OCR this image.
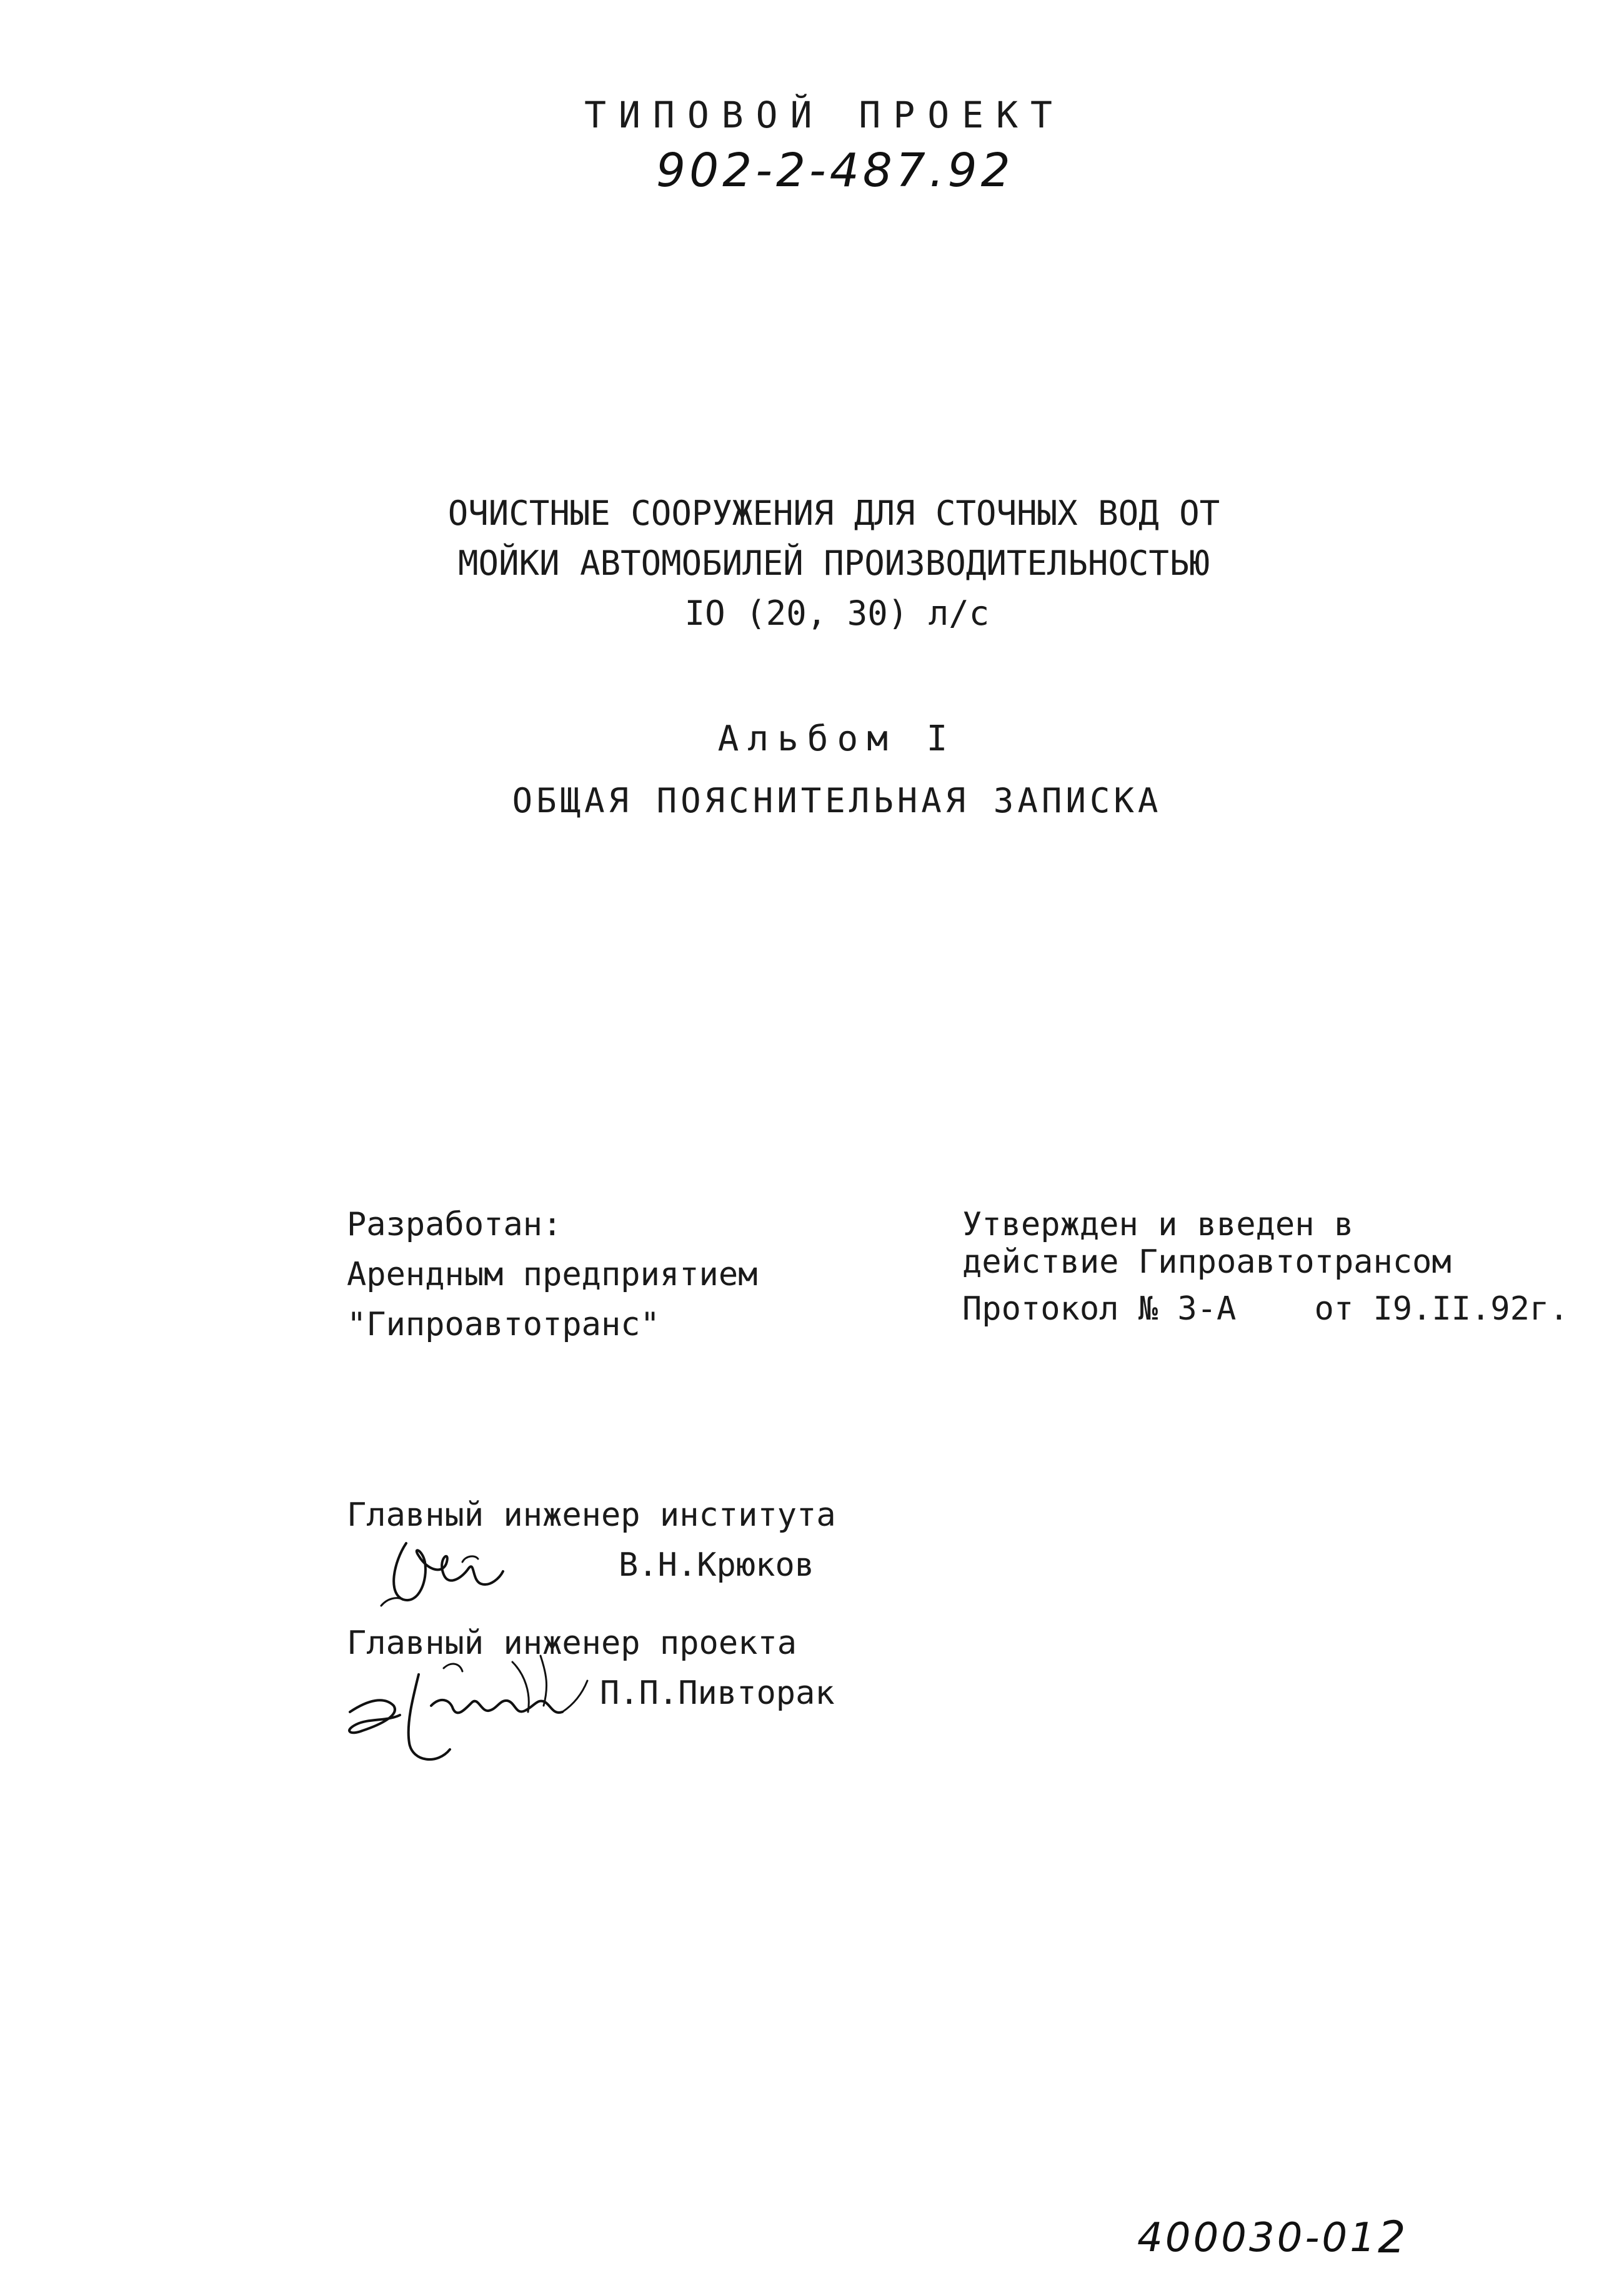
ТИПОВОЙ ПРОЕКТ
902-2-487.92
ОЧИСТНЫЕ СООРУЖЕНИЯ ДЛЯ СТОЧНЫХ ВОД ОТ
МОЙКИ АВТОМОБИЛЕЙ ПРОИЗВОДИТЕЛЬНОСТЬЮ
IO (20, 30) л/с
Альбом I
ОБЩАЯ ПОЯСНИТЕЛЬНАЯ ЗАПИСКА
Разработан:
Арендным предприятием
"Гипроавтотранс"
Утвержден и введен в
действие Гипроавтотрансом
Протокол № 3-А    от I9.II.92г.
Главный инженер института
В.Н.Крюков
Главный инженер проекта
П.П.Пивторак
400030-01 2
